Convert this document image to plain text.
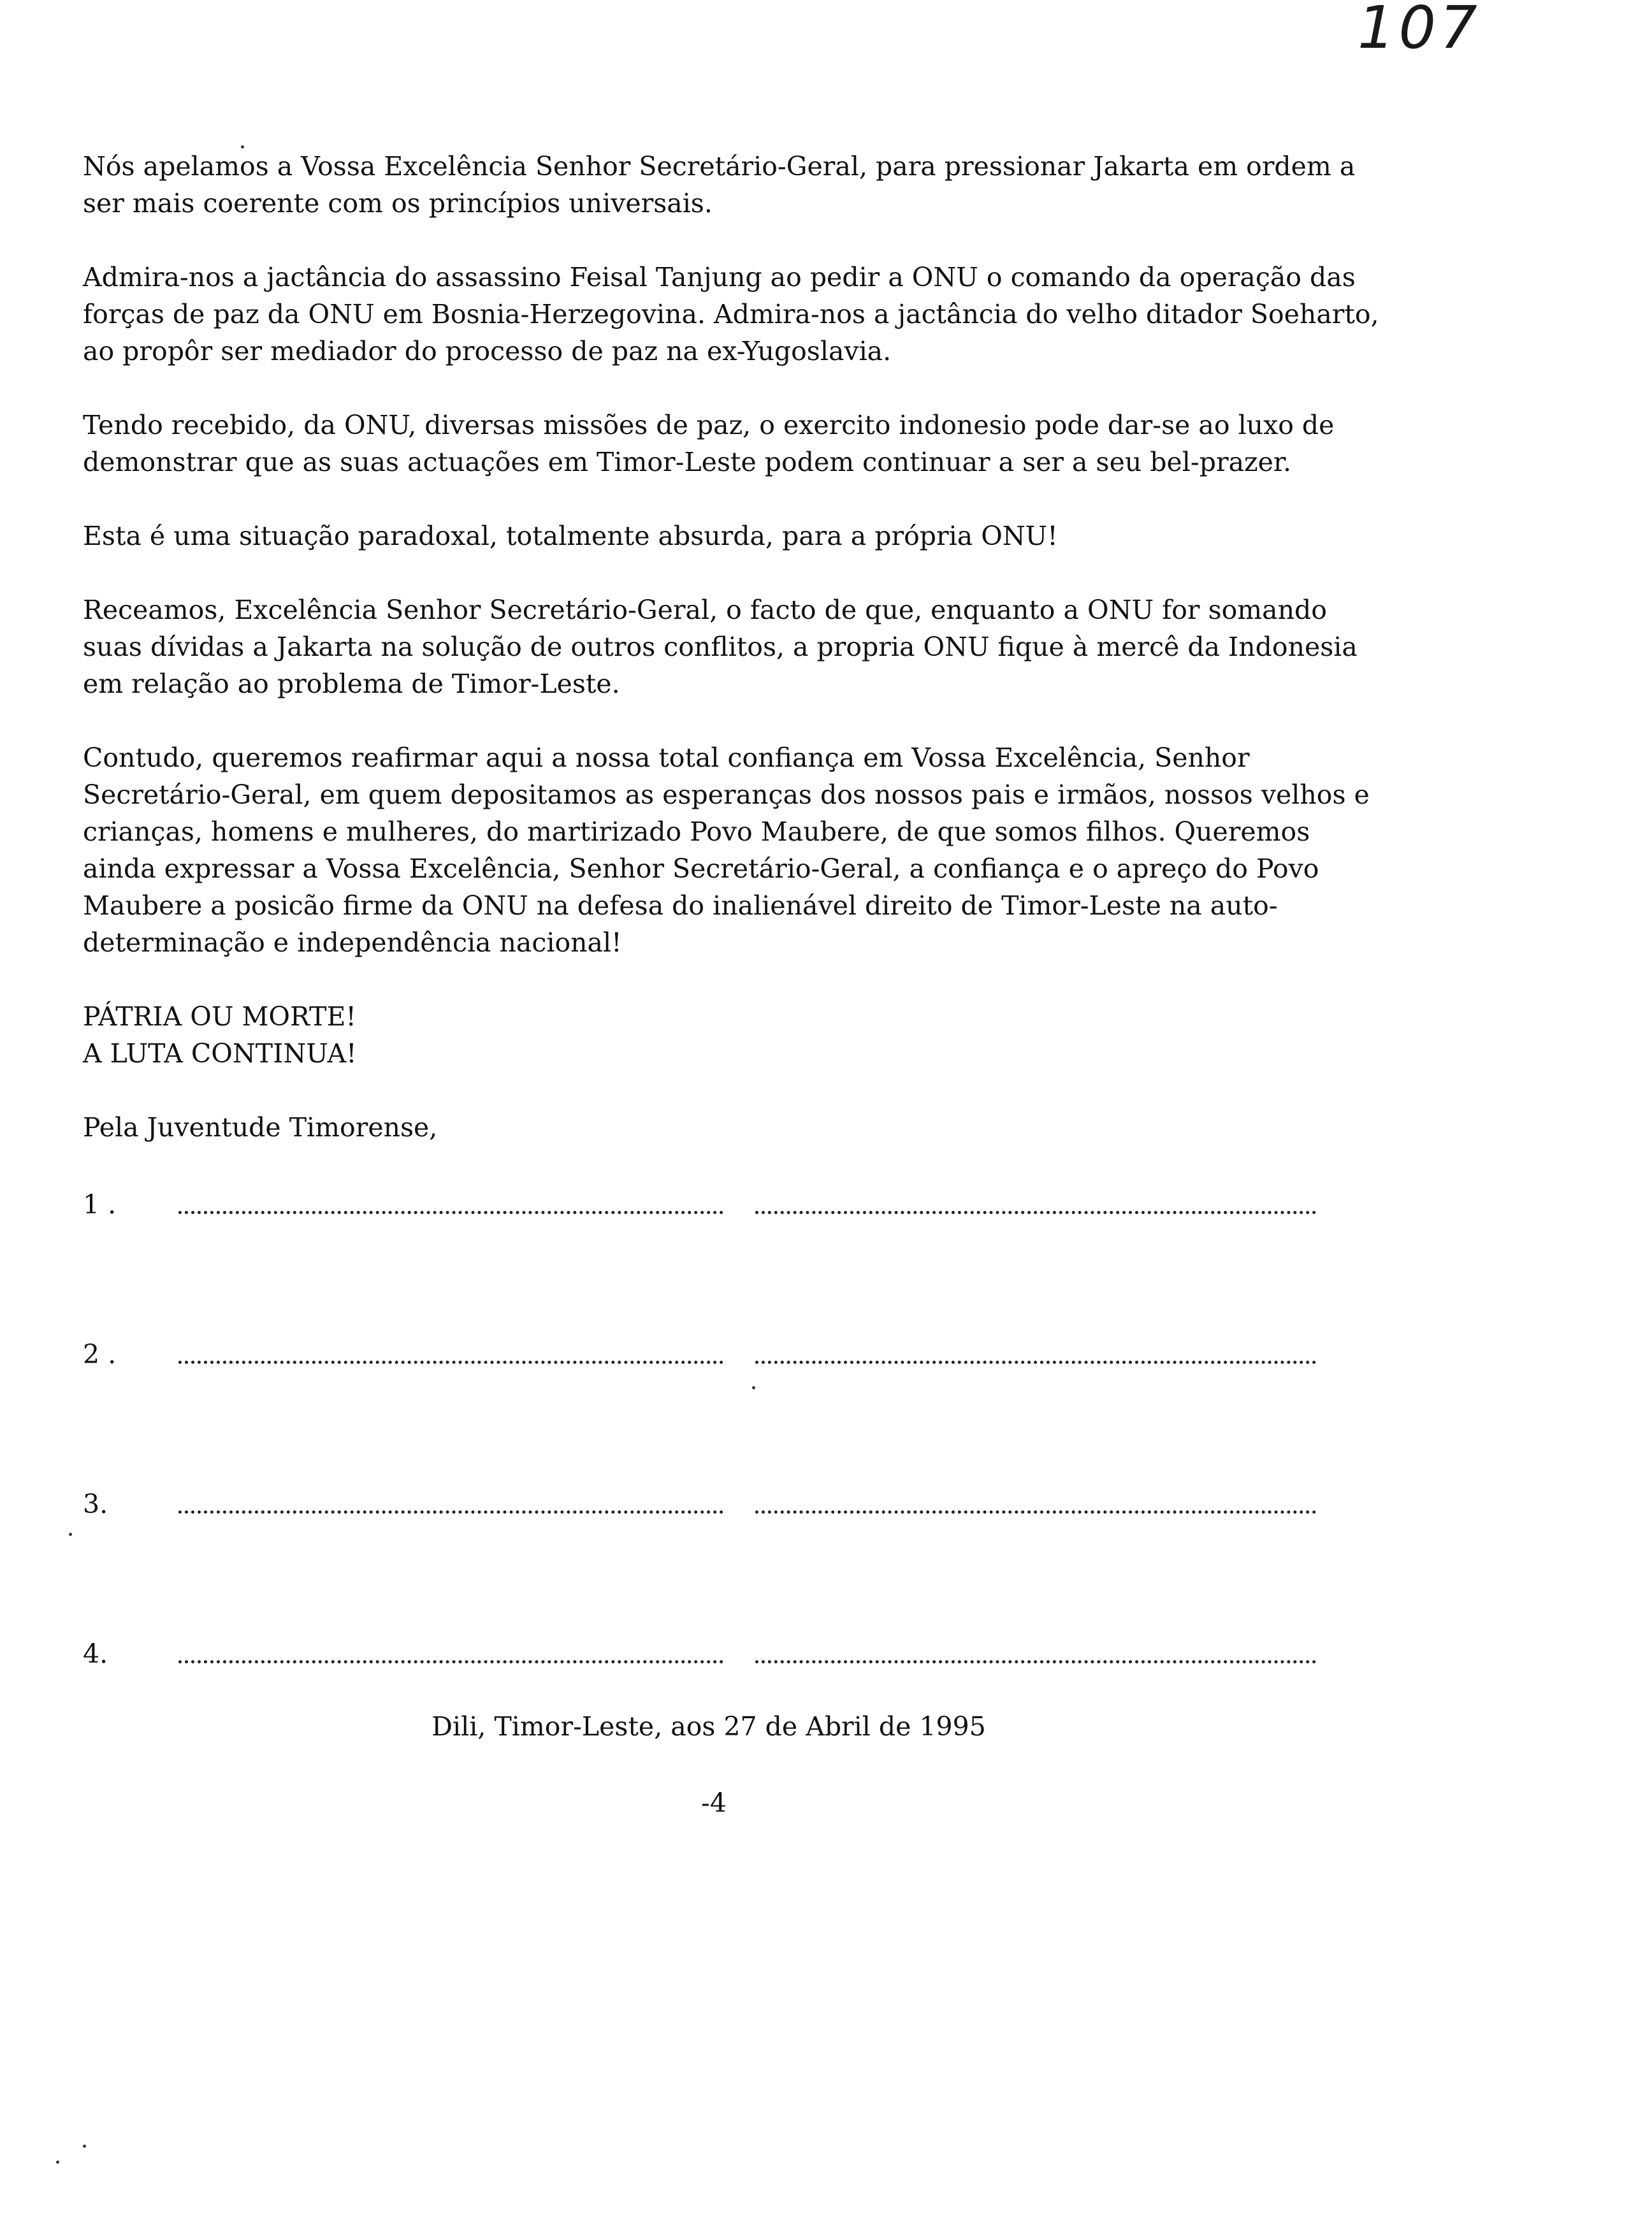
107

Nós apelamos a Vossa Excelência Senhor Secretário-Geral, para pressionar Jakarta em ordem a ser mais coerente com os princípios universais.

Admira-nos a jactância do assassino Feisal Tanjung ao pedir a ONU o comando da operação das forças de paz da ONU em Bosnia-Herzegovina. Admira-nos a jactância do velho ditador Soeharto, ao propôr ser mediador do processo de paz na ex-Yugoslavia.

Tendo recebido, da ONU, diversas missões de paz, o exercito indonesio pode dar-se ao luxo de demonstrar que as suas actuações em Timor-Leste podem continuar a ser a seu bel-prazer.

Esta é uma situação paradoxal, totalmente absurda, para a própria ONU!

Receamos, Excelência Senhor Secretário-Geral, o facto de que, enquanto a ONU for somando suas dívidas a Jakarta na solução de outros conflitos, a propria ONU fique à mercê da Indonesia em relação ao problema de Timor-Leste.

Contudo, queremos reafirmar aqui a nossa total confiança em Vossa Excelência, Senhor Secretário-Geral, em quem depositamos as esperanças dos nossos pais e irmãos, nossos velhos e crianças, homens e mulheres, do martirizado Povo Maubere, de que somos filhos. Queremos ainda expressar a Vossa Excelência, Senhor Secretário-Geral, a confiança e o apreço do Povo Maubere a posicão firme da ONU na defesa do inalienável direito de Timor-Leste na auto-determinação e independência nacional!

PÁTRIA OU MORTE!

A LUTA CONTINUA!

Pela Juventude Timorense,

1 .
2 .
3.
4.
Dili, Timor-Leste, aos 27 de Abril de 1995
-4
